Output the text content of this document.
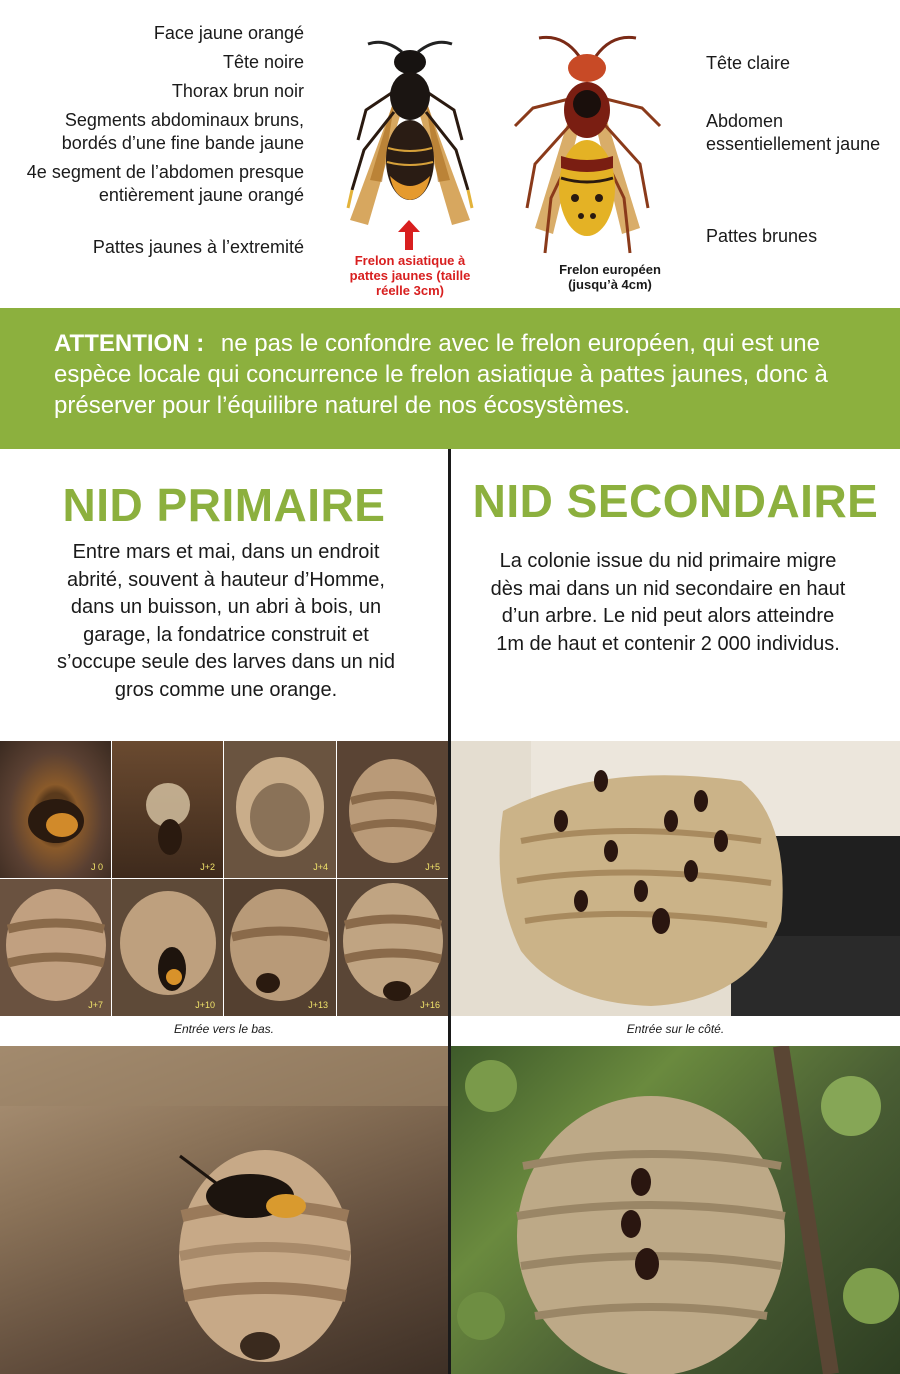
Face jaune orangé
Tête noire
Thorax brun noir
Segments abdominaux bruns, bordés d’une fine bande jaune
4e segment de l’abdomen presque entièrement jaune orangé
Pattes jaunes à l’extremité
Tête claire
Abdomen essentiellement jaune
Pattes brunes
Frelon asiatique à pattes jaunes (taille réelle 3cm)
Frelon européen (jusqu’à 4cm)
ATTENTION : ne pas le confondre avec le frelon européen, qui est une espèce locale qui concurrence le frelon asiatique à pattes jaunes, donc à préserver pour l’équilibre naturel de nos écosystèmes.
NID PRIMAIRE
Entre mars et mai, dans un endroit abrité, souvent à hauteur d’Homme, dans un buisson, un abri à bois, un garage, la fondatrice construit et s’occupe seule des larves dans un nid gros comme une orange.
J 0	J+2	J+4	J+5
J+7	J+10	J+13	J+16
Entrée vers le bas.
NID SECONDAIRE
La colonie issue du nid primaire migre dès mai dans un nid secondaire en haut d’un arbre. Le nid peut alors atteindre 1m de haut et contenir 2 000 individus.
Entrée sur le côté.
